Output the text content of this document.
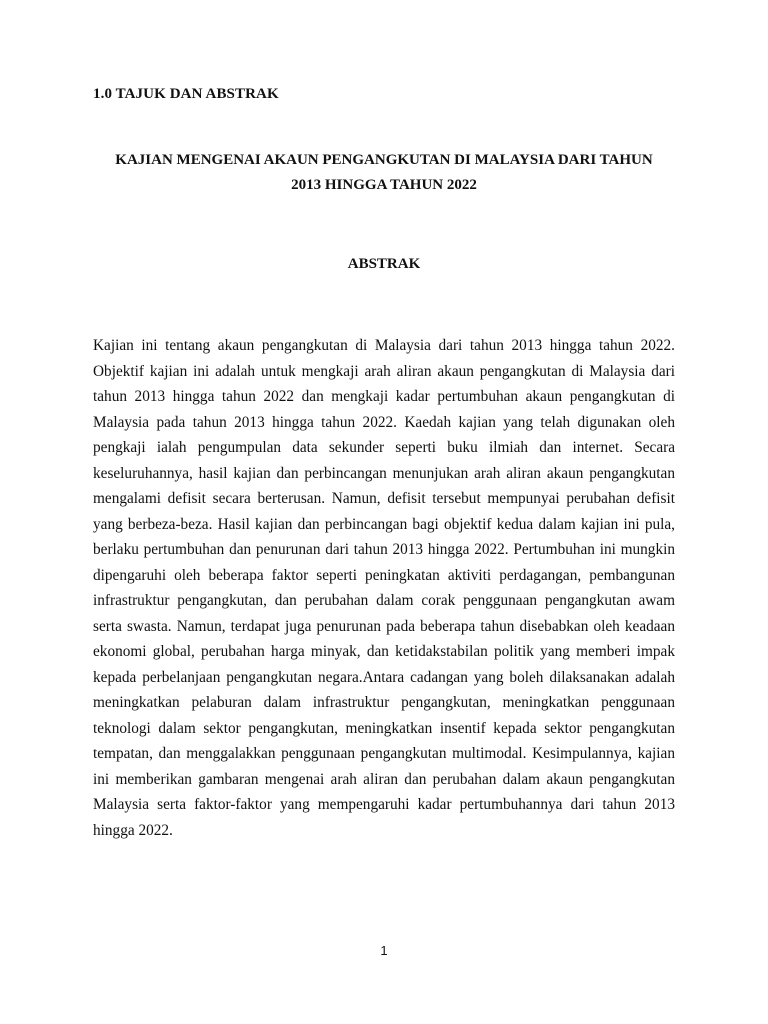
1.0 TAJUK DAN ABSTRAK

KAJIAN MENGENAI AKAUN PENGANGKUTAN DI MALAYSIA DARI TAHUN
2013 HINGGA TAHUN 2022
ABSTRAK

Kajian ini tentang akaun pengangkutan di Malaysia dari tahun 2013 hingga tahun 2022. Objektif kajian ini adalah untuk mengkaji arah aliran akaun pengangkutan di Malaysia dari tahun 2013 hingga tahun 2022 dan mengkaji kadar pertumbuhan akaun pengangkutan di Malaysia pada tahun 2013 hingga tahun 2022. Kaedah kajian yang telah digunakan oleh pengkaji ialah pengumpulan data sekunder seperti buku ilmiah dan internet. Secara keseluruhannya, hasil kajian dan perbincangan menunjukan arah aliran akaun pengangkutan mengalami defisit secara berterusan. Namun, defisit tersebut mempunyai perubahan defisit yang berbeza-beza. Hasil kajian dan perbincangan bagi objektif kedua dalam kajian ini pula, berlaku pertumbuhan dan penurunan dari tahun 2013 hingga 2022. Pertumbuhan ini mungkin dipengaruhi oleh beberapa faktor seperti peningkatan aktiviti perdagangan, pembangunan infrastruktur pengangkutan, dan perubahan dalam corak penggunaan pengangkutan awam serta swasta. Namun, terdapat juga penurunan pada beberapa tahun disebabkan oleh keadaan ekonomi global, perubahan harga minyak, dan ketidakstabilan politik yang memberi impak kepada perbelanjaan pengangkutan negara.Antara cadangan yang boleh dilaksanakan adalah meningkatkan pelaburan dalam infrastruktur pengangkutan, meningkatkan penggunaan teknologi dalam sektor pengangkutan, meningkatkan insentif kepada sektor pengangkutan tempatan, dan menggalakkan penggunaan pengangkutan multimodal. Kesimpulannya, kajian ini memberikan gambaran mengenai arah aliran dan perubahan dalam akaun pengangkutan Malaysia serta faktor-faktor yang mempengaruhi kadar pertumbuhannya dari tahun 2013 hingga 2022.

1
